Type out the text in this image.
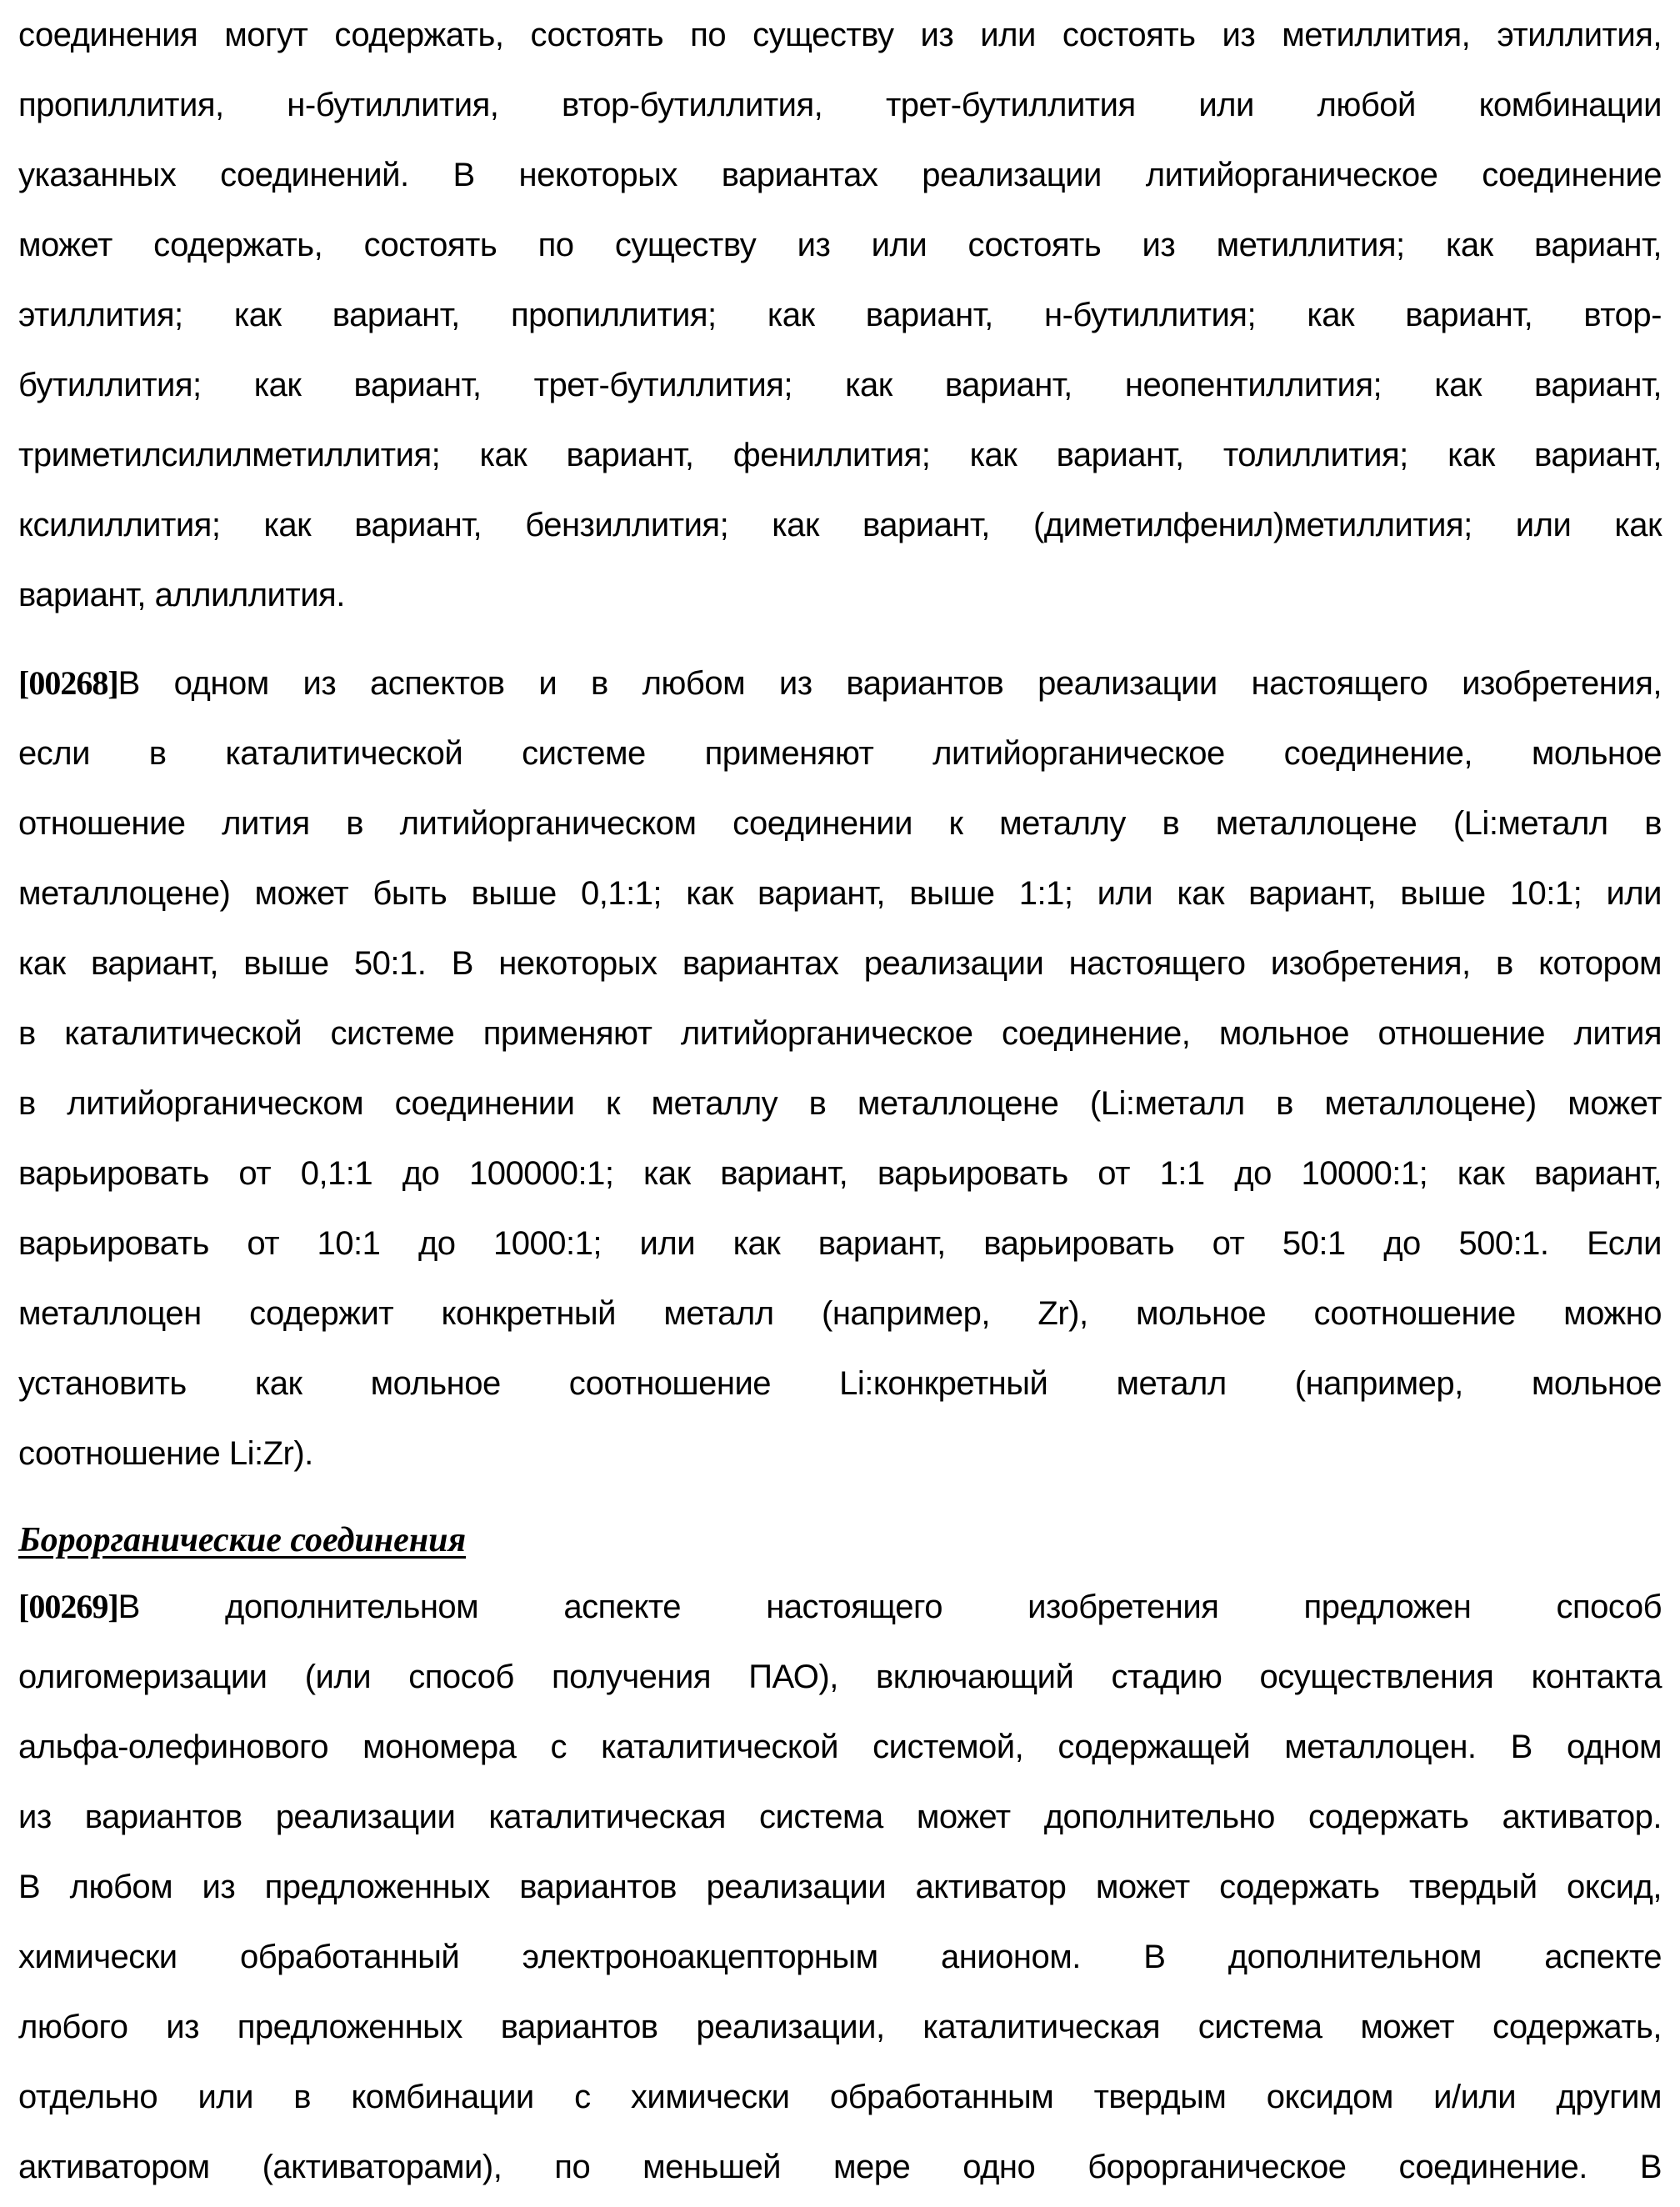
соединения могут содержать, состоять по существу из или состоять из метиллития, этиллития,
пропиллития, н-бутиллития, втор-бутиллития, трет-бутиллития или любой комбинации
указанных соединений. В некоторых вариантах реализации литийорганическое соединение
может содержать, состоять по существу из или состоять из метиллития; как вариант,
этиллития; как вариант, пропиллития; как вариант, н-бутиллития; как вариант, втор-
бутиллития; как вариант, трет-бутиллития; как вариант, неопентиллития; как вариант,
триметилсилилметиллития; как вариант, фениллития; как вариант, толиллития; как вариант,
ксилиллития; как вариант, бензиллития; как вариант, (диметилфенил)метиллития; или как
вариант, аллиллития.
[00268]В одном из аспектов и в любом из вариантов реализации настоящего изобретения,
если в каталитической системе применяют литийорганическое соединение, мольное
отношение лития в литийорганическом соединении к металлу в металлоцене (Li:металл в
металлоцене) может быть выше 0,1:1; как вариант, выше 1:1; или как вариант, выше 10:1; или
как вариант, выше 50:1. В некоторых вариантах реализации настоящего изобретения, в котором
в каталитической системе применяют литийорганическое соединение, мольное отношение лития
в литийорганическом соединении к металлу в металлоцене (Li:металл в металлоцене) может
варьировать от 0,1:1 до 100000:1; как вариант, варьировать от 1:1 до 10000:1; как вариант,
варьировать от 10:1 до 1000:1; или как вариант, варьировать от 50:1 до 500:1. Если
металлоцен содержит конкретный металл (например, Zr), мольное соотношение можно
установить как мольное соотношение Li:конкретный металл (например, мольное
соотношение Li:Zr).
Борорганические соединения
[00269]В дополнительном аспекте настоящего изобретения предложен способ
олигомеризации (или способ получения ПАО), включающий стадию осуществления контакта
альфа-олефинового мономера с каталитической системой, содержащей металлоцен. В одном
из вариантов реализации каталитическая система может дополнительно содержать активатор.
В любом из предложенных вариантов реализации активатор может содержать твердый оксид,
химически обработанный электроноакцепторным анионом. В дополнительном аспекте
любого из предложенных вариантов реализации, каталитическая система может содержать,
отдельно или в комбинации с химически обработанным твердым оксидом и/или другим
активатором (активаторами), по меньшей мере одно борорганическое соединение. В
